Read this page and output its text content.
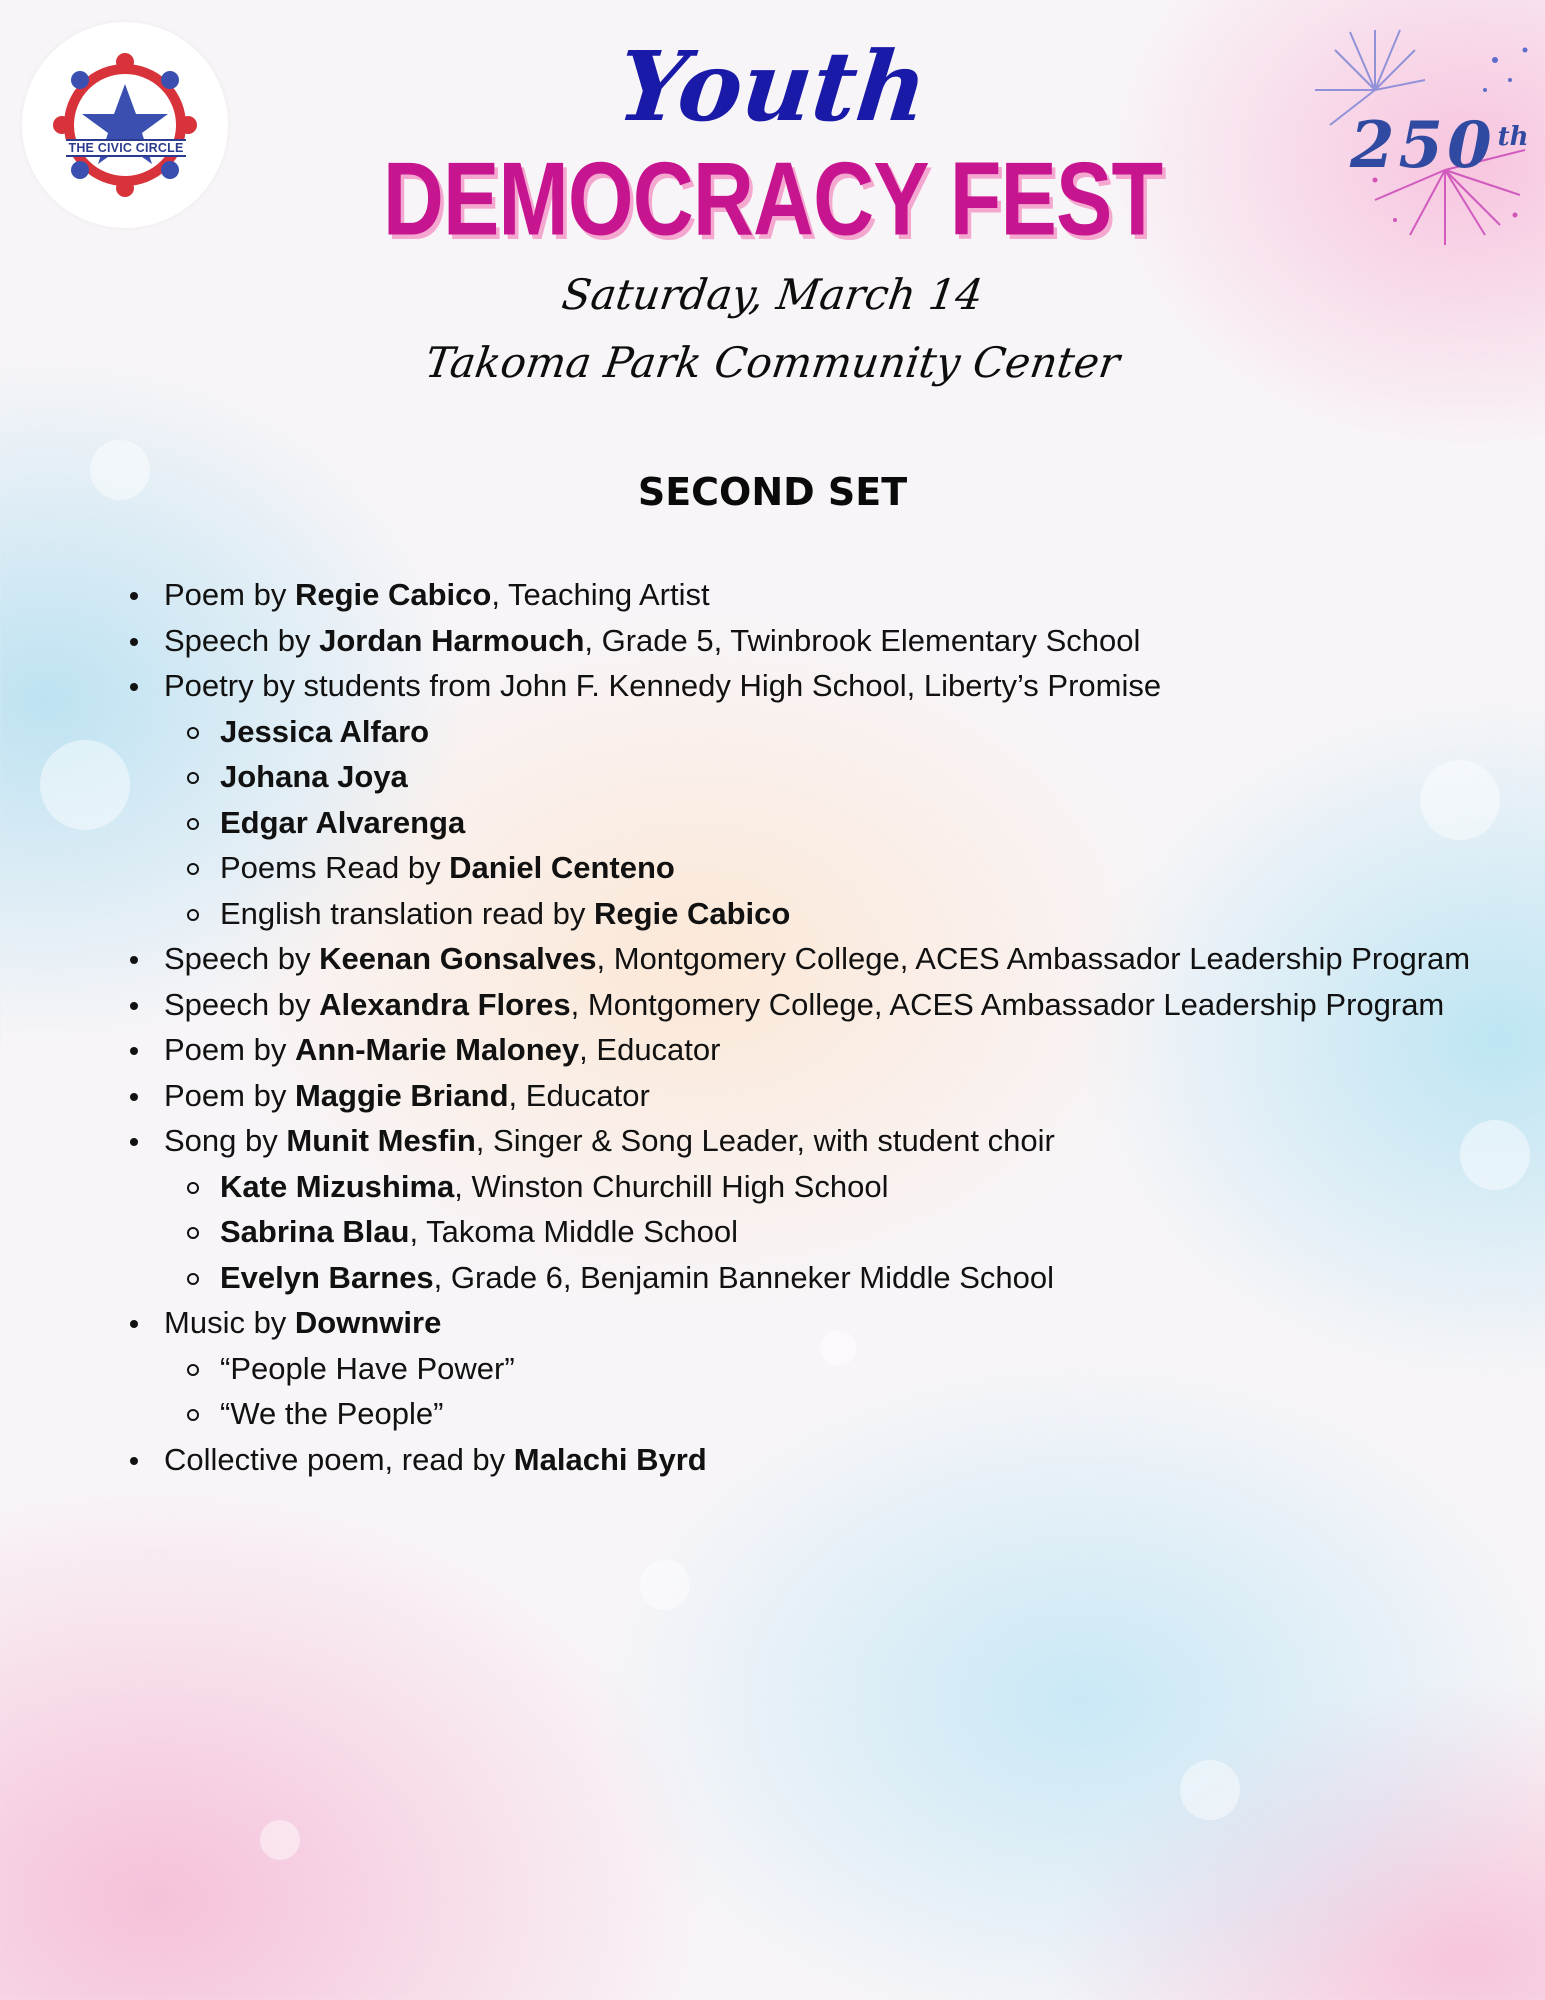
THE CIVIC CIRCLE	250th
Youth
DEMOCRACY FEST
Saturday, March 14
Takoma Park Community Center
SECOND SET
Poem by Regie Cabico, Teaching Artist
Speech by Jordan Harmouch, Grade 5, Twinbrook Elementary School
Poetry by students from John F. Kennedy High School, Liberty’s Promise
Jessica Alfaro
Johana Joya
Edgar Alvarenga
Poems Read by Daniel Centeno
English translation read by Regie Cabico
Speech by Keenan Gonsalves, Montgomery College, ACES Ambassador Leadership Program
Speech by Alexandra Flores, Montgomery College, ACES Ambassador Leadership Program
Poem by Ann-Marie Maloney, Educator
Poem by Maggie Briand, Educator
Song by Munit Mesfin, Singer & Song Leader, with student choir
Kate Mizushima, Winston Churchill High School
Sabrina Blau, Takoma Middle School
Evelyn Barnes, Grade 6, Benjamin Banneker Middle School
Music by Downwire
“People Have Power”
“We the People”
Collective poem, read by Malachi Byrd
